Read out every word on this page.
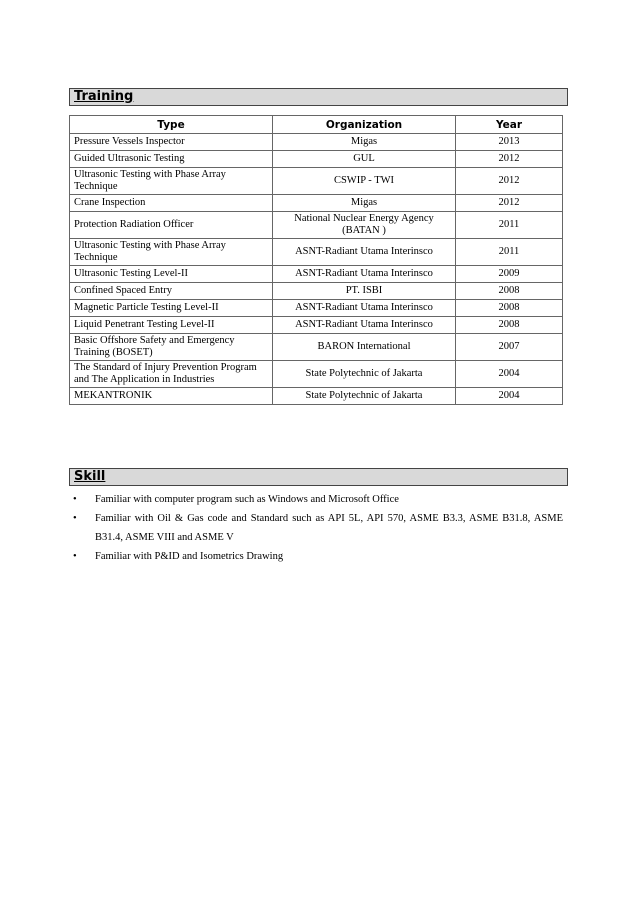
Training
Type	Organization	Year
Pressure Vessels Inspector	Migas	2013
Guided Ultrasonic Testing	GUL	2012
Ultrasonic Testing with Phase Array Technique	CSWIP - TWI	2012
Crane Inspection	Migas	2012
Protection Radiation Officer	National Nuclear Energy Agency (BATAN )	2011
Ultrasonic Testing with Phase Array Technique	ASNT-Radiant Utama Interinsco	2011
Ultrasonic Testing Level-II	ASNT-Radiant Utama Interinsco	2009
Confined Spaced Entry	PT. ISBI	2008
Magnetic Particle Testing Level-II	ASNT-Radiant Utama Interinsco	2008
Liquid Penetrant Testing Level-II	ASNT-Radiant Utama Interinsco	2008
Basic Offshore Safety and Emergency Training (BOSET)	BARON International	2007
The Standard of Injury Prevention Program and The Application in Industries	State Polytechnic of Jakarta	2004
MEKANTRONIK	State Polytechnic of Jakarta	2004
Skill
• Familiar with computer program such as Windows and Microsoft Office
• Familiar with Oil & Gas code and Standard such as API 5L, API 570, ASME B3.3, ASME B31.8, ASME B31.4, ASME VIII and ASME V
• Familiar with P&ID and Isometrics Drawing
